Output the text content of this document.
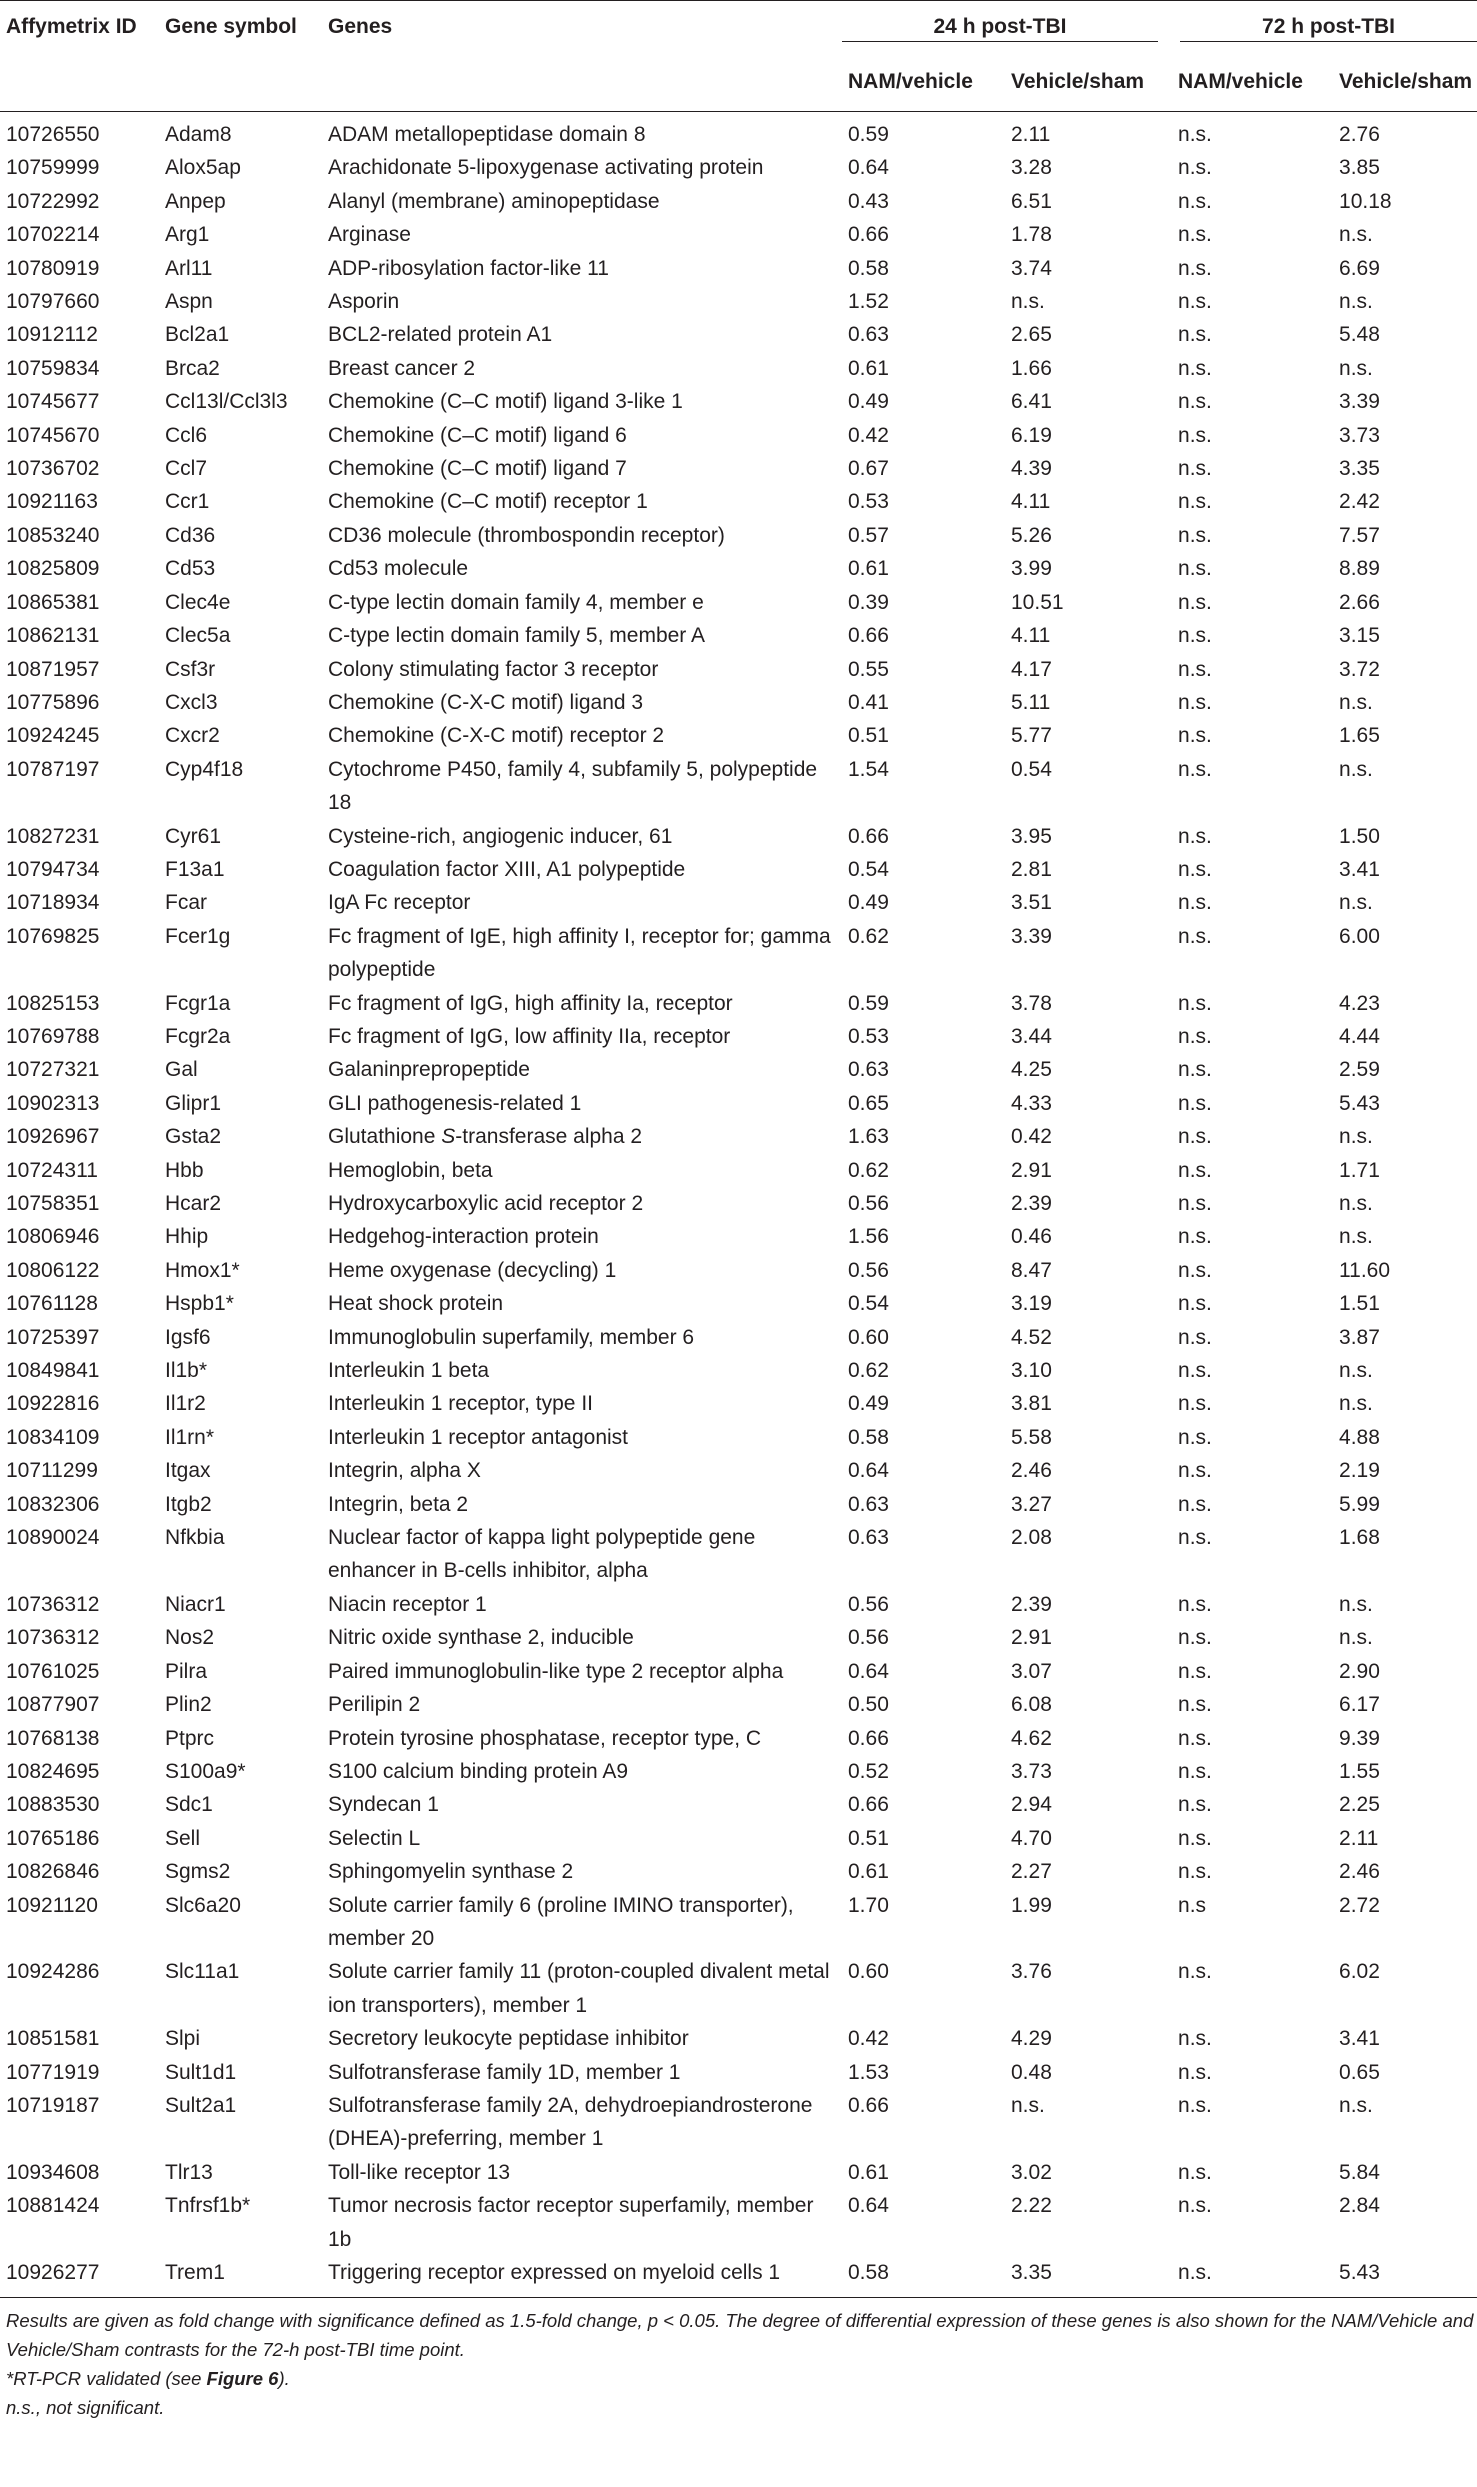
Affymetrix ID	Gene symbol	Genes	24 h post-TBI		72 h post-TBI	

			NAM/vehicle	Vehicle/sham	NAM/vehicle	Vehicle/sham
10726550	Adam8	ADAM metallopeptidase domain 8	0.59	2.11	n.s.	2.76
10759999	Alox5ap	Arachidonate 5-lipoxygenase activating protein	0.64	3.28	n.s.	3.85
10722992	Anpep	Alanyl (membrane) aminopeptidase	0.43	6.51	n.s.	10.18
10702214	Arg1	Arginase	0.66	1.78	n.s.	n.s.
10780919	Arl11	ADP-ribosylation factor-like 11	0.58	3.74	n.s.	6.69
10797660	Aspn	Asporin	1.52	n.s.	n.s.	n.s.
10912112	Bcl2a1	BCL2-related protein A1	0.63	2.65	n.s.	5.48
10759834	Brca2	Breast cancer 2	0.61	1.66	n.s.	n.s.
10745677	Ccl13l/Ccl3l3	Chemokine (C–C motif) ligand 3-like 1	0.49	6.41	n.s.	3.39
10745670	Ccl6	Chemokine (C–C motif) ligand 6	0.42	6.19	n.s.	3.73
10736702	Ccl7	Chemokine (C–C motif) ligand 7	0.67	4.39	n.s.	3.35
10921163	Ccr1	Chemokine (C–C motif) receptor 1	0.53	4.11	n.s.	2.42
10853240	Cd36	CD36 molecule (thrombospondin receptor)	0.57	5.26	n.s.	7.57
10825809	Cd53	Cd53 molecule	0.61	3.99	n.s.	8.89
10865381	Clec4e	C-type lectin domain family 4, member e	0.39	10.51	n.s.	2.66
10862131	Clec5a	C-type lectin domain family 5, member A	0.66	4.11	n.s.	3.15
10871957	Csf3r	Colony stimulating factor 3 receptor	0.55	4.17	n.s.	3.72
10775896	Cxcl3	Chemokine (C-X-C motif) ligand 3	0.41	5.11	n.s.	n.s.
10924245	Cxcr2	Chemokine (C-X-C motif) receptor 2	0.51	5.77	n.s.	1.65
10787197	Cyp4f18	Cytochrome P450, family 4, subfamily 5, polypeptide 18	1.54	0.54	n.s.	n.s.
10827231	Cyr61	Cysteine-rich, angiogenic inducer, 61	0.66	3.95	n.s.	1.50
10794734	F13a1	Coagulation factor XIII, A1 polypeptide	0.54	2.81	n.s.	3.41
10718934	Fcar	IgA Fc receptor	0.49	3.51	n.s.	n.s.
10769825	Fcer1g	Fc fragment of IgE, high affinity I, receptor for; gamma polypeptide	0.62	3.39	n.s.	6.00
10825153	Fcgr1a	Fc fragment of IgG, high affinity Ia, receptor	0.59	3.78	n.s.	4.23
10769788	Fcgr2a	Fc fragment of IgG, low affinity IIa, receptor	0.53	3.44	n.s.	4.44
10727321	Gal	Galaninprepropeptide	0.63	4.25	n.s.	2.59
10902313	Glipr1	GLI pathogenesis-related 1	0.65	4.33	n.s.	5.43
10926967	Gsta2	Glutathione S-transferase alpha 2	1.63	0.42	n.s.	n.s.
10724311	Hbb	Hemoglobin, beta	0.62	2.91	n.s.	1.71
10758351	Hcar2	Hydroxycarboxylic acid receptor 2	0.56	2.39	n.s.	n.s.
10806946	Hhip	Hedgehog-interaction protein	1.56	0.46	n.s.	n.s.
10806122	Hmox1*	Heme oxygenase (decycling) 1	0.56	8.47	n.s.	11.60
10761128	Hspb1*	Heat shock protein	0.54	3.19	n.s.	1.51
10725397	Igsf6	Immunoglobulin superfamily, member 6	0.60	4.52	n.s.	3.87
10849841	Il1b*	Interleukin 1 beta	0.62	3.10	n.s.	n.s.
10922816	Il1r2	Interleukin 1 receptor, type II	0.49	3.81	n.s.	n.s.
10834109	Il1rn*	Interleukin 1 receptor antagonist	0.58	5.58	n.s.	4.88
10711299	Itgax	Integrin, alpha X	0.64	2.46	n.s.	2.19
10832306	Itgb2	Integrin, beta 2	0.63	3.27	n.s.	5.99
10890024	Nfkbia	Nuclear factor of kappa light polypeptide gene enhancer in B-cells inhibitor, alpha	0.63	2.08	n.s.	1.68
10736312	Niacr1	Niacin receptor 1	0.56	2.39	n.s.	n.s.
10736312	Nos2	Nitric oxide synthase 2, inducible	0.56	2.91	n.s.	n.s.
10761025	Pilra	Paired immunoglobulin-like type 2 receptor alpha	0.64	3.07	n.s.	2.90
10877907	Plin2	Perilipin 2	0.50	6.08	n.s.	6.17
10768138	Ptprc	Protein tyrosine phosphatase, receptor type, C	0.66	4.62	n.s.	9.39
10824695	S100a9*	S100 calcium binding protein A9	0.52	3.73	n.s.	1.55
10883530	Sdc1	Syndecan 1	0.66	2.94	n.s.	2.25
10765186	Sell	Selectin L	0.51	4.70	n.s.	2.11
10826846	Sgms2	Sphingomyelin synthase 2	0.61	2.27	n.s.	2.46
10921120	Slc6a20	Solute carrier family 6 (proline IMINO transporter), member 20	1.70	1.99	n.s	2.72
10924286	Slc11a1	Solute carrier family 11 (proton-coupled divalent metal ion transporters), member 1	0.60	3.76	n.s.	6.02
10851581	Slpi	Secretory leukocyte peptidase inhibitor	0.42	4.29	n.s.	3.41
10771919	Sult1d1	Sulfotransferase family 1D, member 1	1.53	0.48	n.s.	0.65
10719187	Sult2a1	Sulfotransferase family 2A, dehydroepiandrosterone (DHEA)-preferring, member 1	0.66	n.s.	n.s.	n.s.
10934608	Tlr13	Toll-like receptor 13	0.61	3.02	n.s.	5.84
10881424	Tnfrsf1b*	Tumor necrosis factor receptor superfamily, member 1b	0.64	2.22	n.s.	2.84
10926277	Trem1	Triggering receptor expressed on myeloid cells 1	0.58	3.35	n.s.	5.43

Results are given as fold change with significance defined as 1.5-fold change, p < 0.05. The degree of differential expression of these genes is also shown for the NAM/Vehicle and Vehicle/Sham contrasts for the 72-h post-TBI time point.

*RT-PCR validated (see Figure 6).

n.s., not significant.
